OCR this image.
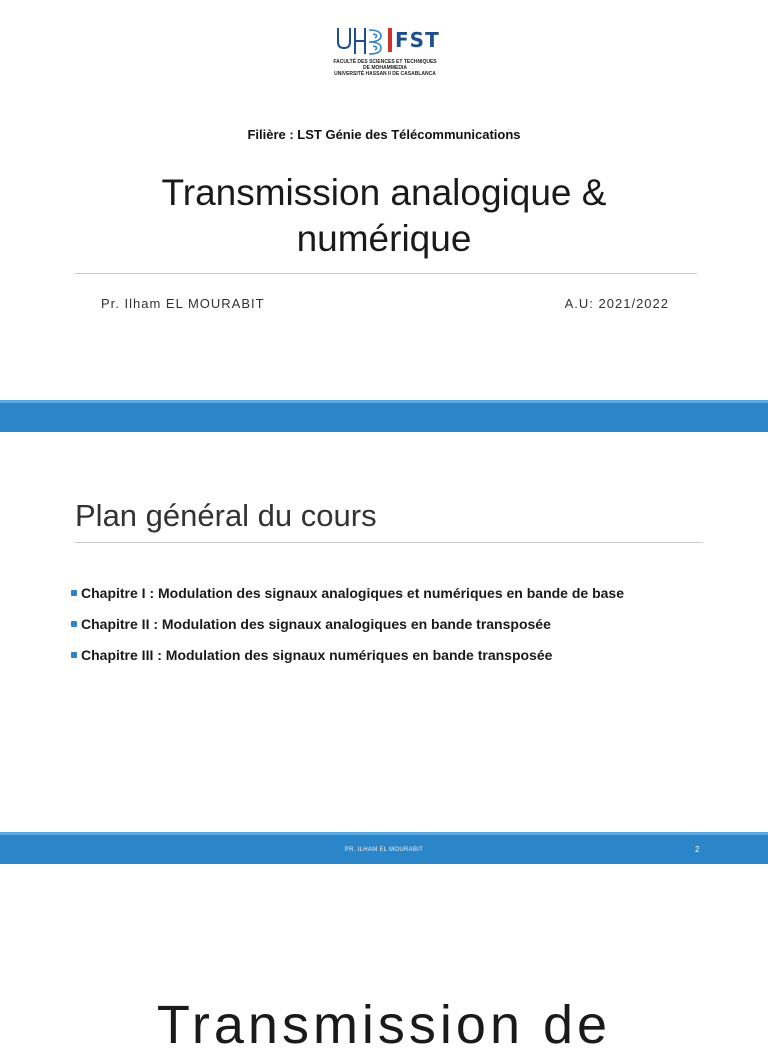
FST
FACULTÉ DES SCIENCES ET TECHNIQUES
DE MOHAMMEDIA
UNIVERSITÉ HASSAN II DE CASABLANCA
Filière : LST Génie des Télécommunications
Transmission analogique &
numérique
Pr. Ilham EL MOURABIT	A.U: 2021/2022
Plan général du cours
Chapitre I : Modulation des signaux analogiques et numériques en bande de base
Chapitre II : Modulation des signaux analogiques en bande transposée
Chapitre III : Modulation des signaux numériques en bande transposée
PR. ILHAM EL MOURABIT	2
Transmission de
